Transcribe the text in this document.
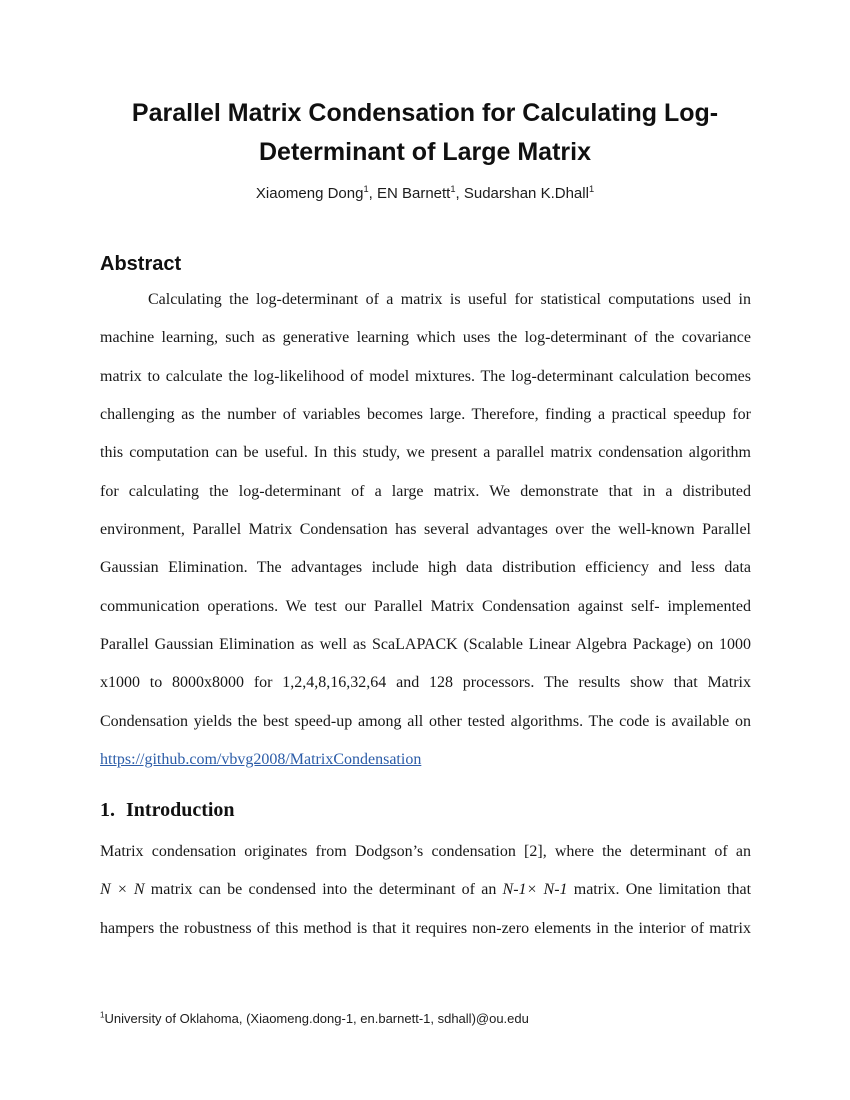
Parallel Matrix Condensation for Calculating Log-
Determinant of Large Matrix
Xiaomeng Dong$^1$, EN Barnett$^1$, Sudarshan K.Dhall$^1$
Abstract
Calculating the log-determinant of a matrix is useful for statistical computations used in
machine learning, such as generative learning which uses the log-determinant of the covariance
matrix to calculate the log-likelihood of model mixtures. The log-determinant calculation becomes
challenging as the number of variables becomes large. Therefore, finding a practical speedup for
this computation can be useful. In this study, we present a parallel matrix condensation algorithm
for calculating the log-determinant of a large matrix. We demonstrate that in a distributed
environment, Parallel Matrix Condensation has several advantages over the well-known Parallel
Gaussian Elimination. The advantages include high data distribution efficiency and less data
communication operations. We test our Parallel Matrix Condensation against self- implemented
Parallel Gaussian Elimination as well as ScaLAPACK (Scalable Linear Algebra Package) on 1000
x1000 to 8000x8000 for 1,2,4,8,16,32,64 and 128 processors. The results show that Matrix
Condensation yields the best speed-up among all other tested algorithms. The code is available on
https://github.com/vbvg2008/MatrixCondensation
1. Introduction
Matrix condensation originates from Dodgson’s condensation [2], where the determinant of an
N × N matrix can be condensed into the determinant of an N-1× N-1 matrix. One limitation that
hampers the robustness of this method is that it requires non-zero elements in the interior of matrix
$^1$University of Oklahoma, (Xiaomeng.dong-1, en.barnett-1, sdhall)@ou.edu
